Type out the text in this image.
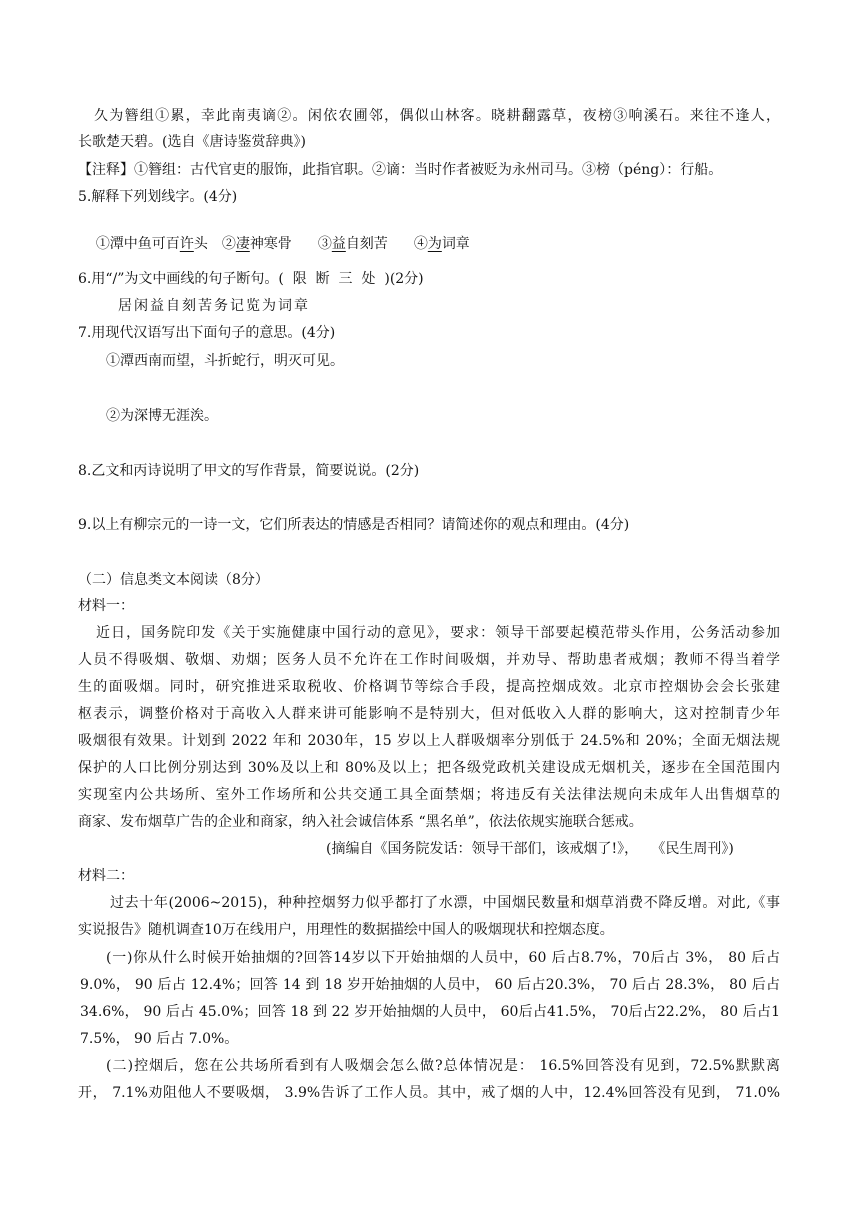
久为簪组①累，幸此南夷谪②。闲依农圃邻，偶似山林客。晓耕翻露草，夜榜③响溪石。来往不逢人，
长歌楚天碧。(选自《唐诗鉴赏辞典》)
【注释】①簪组：古代官吏的服饰，此指官职。②谪：当时作者被贬为永州司马。③榜（péng）：行船。
5.解释下列划线字。(4分)

①潭中鱼可百许头 ②凄神寒骨 ③益自刻苦 ④为词章

6.用“/”为文中画线的句子断句。(  限  断  三  处  )(2分)
居闲益自刻苦务记览为词章
7.用现代汉语写出下面句子的意思。(4分)
①潭西南而望，斗折蛇行，明灭可见。
②为深博无涯涘。
8.乙文和丙诗说明了甲文的写作背景，简要说说。(2分)
9.以上有柳宗元的一诗一文，它们所表达的情感是否相同？请简述你的观点和理由。(4分)
（二）信息类文本阅读（8分）
材料一：
近日，国务院印发《关于实施健康中国行动的意见》，要求：领导干部要起模范带头作用，公务活动参加
人员不得吸烟、敬烟、劝烟；医务人员不允许在工作时间吸烟，并劝导、帮助患者戒烟；教师不得当着学
生的面吸烟。同时，研究推进采取税收、价格调节等综合手段，提高控烟成效。北京市控烟协会会长张建
枢表示，调整价格对于高收入人群来讲可能影响不是特别大，但对低收入人群的影响大，这对控制青少年
吸烟很有效果。计划到 2022 年和 2030年，15 岁以上人群吸烟率分别低于 24.5%和 20%；全面无烟法规
保护的人口比例分别达到 30%及以上和 80%及以上；把各级党政机关建设成无烟机关，逐步在全国范围内
实现室内公共场所、室外工作场所和公共交通工具全面禁烟；将违反有关法律法规向未成年人出售烟草的
商家、发布烟草广告的企业和商家，纳入社会诚信体系 “黑名单”，依法依规实施联合惩戒。
(摘编自《国务院发话：领导干部们，该戒烟了!》，   《民生周刊》)
材料二：
过去十年(2006~2015)，种种控烟努力似乎都打了水漂，中国烟民数量和烟草消费不降反增。对此,《事
实说报告》随机调查10万在线用户，用理性的数据描绘中国人的吸烟现状和控烟态度。
(一)你从什么时候开始抽烟的?回答14岁以下开始抽烟的人员中，60 后占8.7%，70后占 3%， 80 后占
9.0%， 90 后占 12.4%；回答 14 到 18 岁开始抽烟的人员中， 60 后占20.3%， 70 后占 28.3%， 80 后占
34.6%， 90 后占 45.0%；回答 18 到 22 岁开始抽烟的人员中， 60后占41.5%， 70后占22.2%， 80 后占1
7.5%， 90 后占 7.0%。
(二)控烟后，您在公共场所看到有人吸烟会怎么做?总体情况是： 16.5%回答没有见到，72.5%默默离
开， 7.1%劝阻他人不要吸烟， 3.9%告诉了工作人员。其中，戒了烟的人中，12.4%回答没有见到， 71.0%
